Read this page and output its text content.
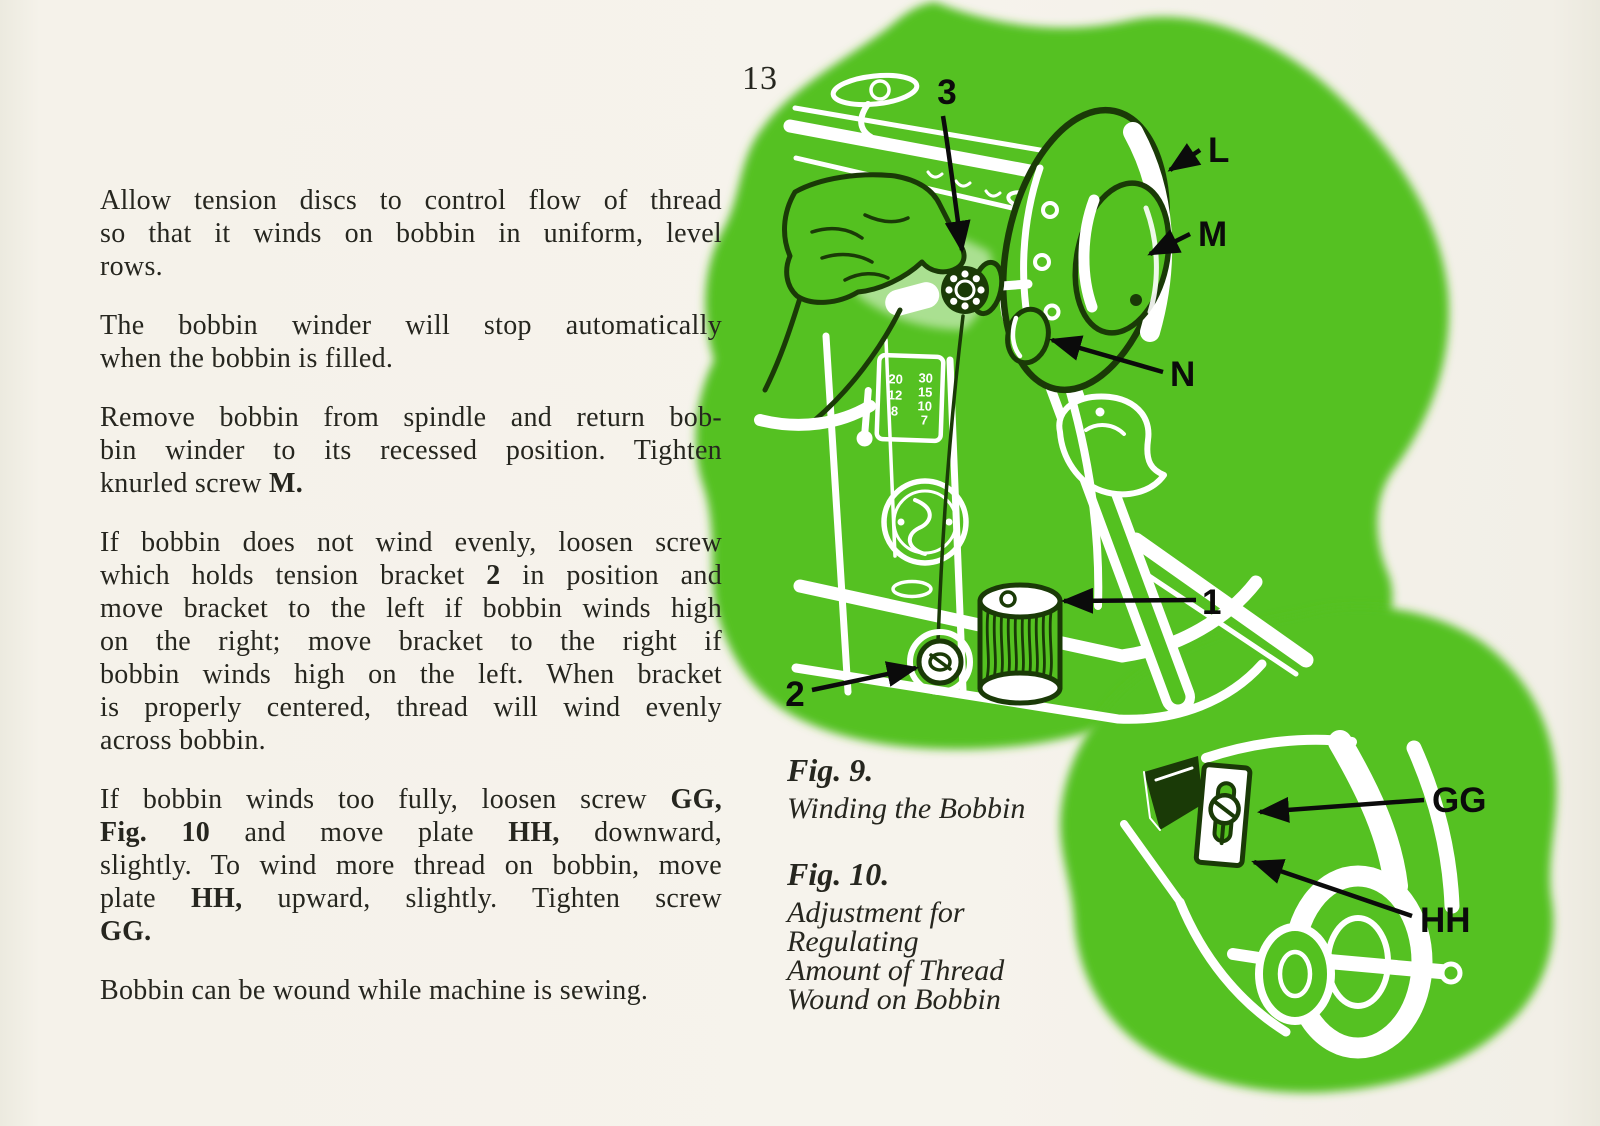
20
12
8
30
15
10
7
3
L
M
N
1
2
GG
HH
13
Allow tension discs to control flow of thread
so that it winds on bobbin in uniform, level
rows.
The bobbin winder will stop automatically
when the bobbin is filled.
Remove bobbin from spindle and return bob-
bin winder to its recessed position. Tighten
knurled screw M.
If bobbin does not wind evenly, loosen screw
which holds tension bracket 2 in position and
move bracket to the left if bobbin winds high
on the right; move bracket to the right if
bobbin winds high on the left. When bracket
is properly centered, thread will wind evenly
across bobbin.
If bobbin winds too fully, loosen screw GG,
Fig. 10 and move plate HH, downward,
slightly. To wind more thread on bobbin, move
plate HH, upward, slightly. Tighten screw
GG.
Bobbin can be wound while machine is sewing.
Fig. 9.
Winding the Bobbin
Fig. 10.
Adjustment for
Regulating
Amount of Thread
Wound on Bobbin
